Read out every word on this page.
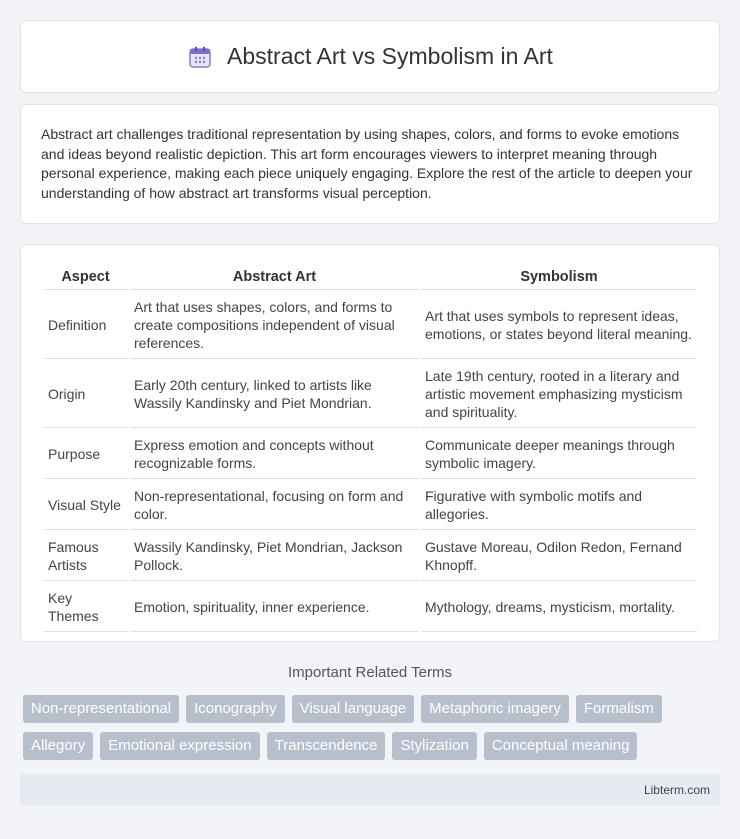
Abstract Art vs Symbolism in Art

Abstract art challenges traditional representation by using shapes, colors, and forms to evoke emotions and ideas beyond realistic depiction. This art form encourages viewers to interpret meaning through personal experience, making each piece uniquely engaging. Explore the rest of the article to deepen your understanding of how abstract art transforms visual perception.

Aspect	Abstract Art	Symbolism
Definition	Art that uses shapes, colors, and forms to create compositions independent of visual references.	Art that uses symbols to represent ideas, emotions, or states beyond literal meaning.
Origin	Early 20th century, linked to artists like Wassily Kandinsky and Piet Mondrian.	Late 19th century, rooted in a literary and artistic movement emphasizing mysticism and spirituality.
Purpose	Express emotion and concepts without recognizable forms.	Communicate deeper meanings through symbolic imagery.
Visual Style	Non-representational, focusing on form and color.	Figurative with symbolic motifs and allegories.
Famous Artists	Wassily Kandinsky, Piet Mondrian, Jackson Pollock.	Gustave Moreau, Odilon Redon, Fernand Khnopff.
Key Themes	Emotion, spirituality, inner experience.	Mythology, dreams, mysticism, mortality.
Important Related Terms
Non-representational	Iconography	Visual language	Metaphoric imagery	Formalism
Allegory	Emotional expression	Transcendence	Stylization	Conceptual meaning
Libterm.com
